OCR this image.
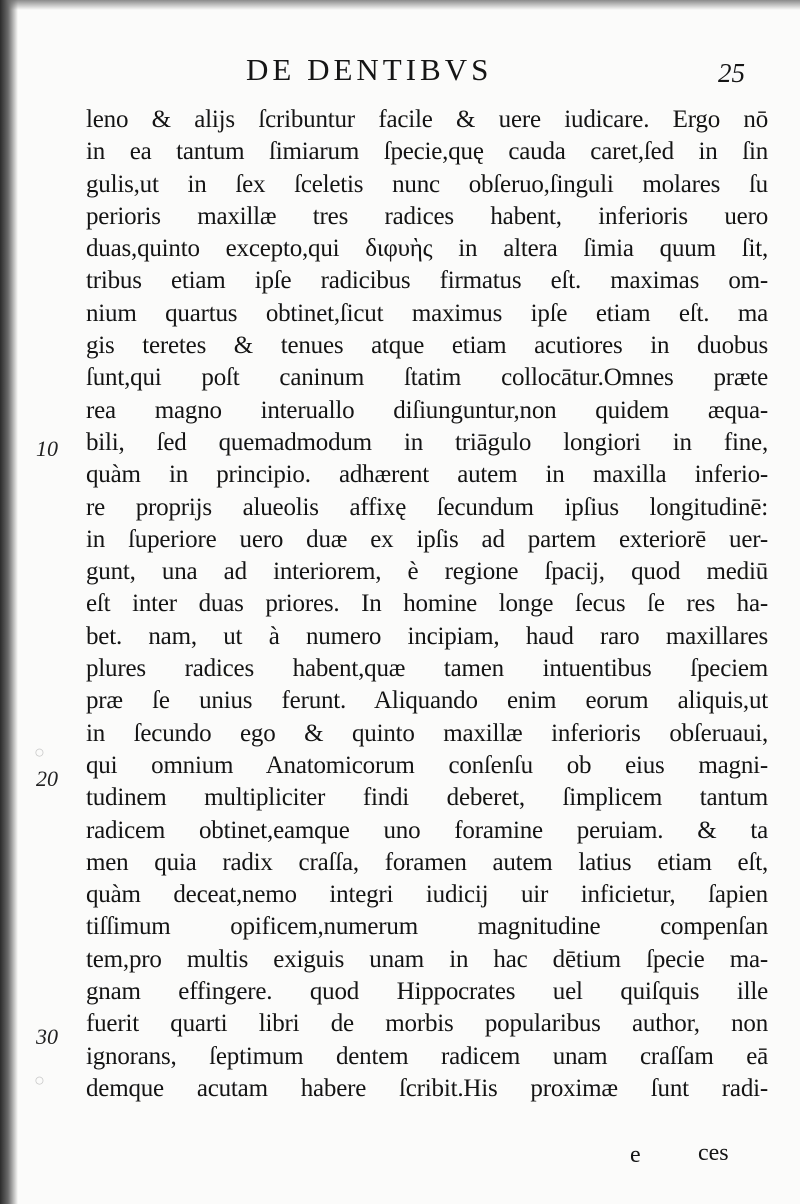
DE DENTIBVS	25
10
20
30
○
○
leno & alijs ſcribuntur facile & uere iudicare. Ergo nō
in ea tantum ſimiarum ſpecie,quę cauda caret,ſed in ſin
gulis,ut in ſex ſceletis nunc obſeruo,ſinguli molares ſu
perioris maxillæ tres radices habent, inferioris uero
duas,quinto excepto,qui διφυὴς in altera ſimia quum ſit,
tribus etiam ipſe radicibus firmatus eſt. maximas om-
nium quartus obtinet,ſicut maximus ipſe etiam eſt. ma
gis teretes & tenues atque etiam acutiores in duobus
ſunt,qui poſt caninum ſtatim collocātur.Omnes præte
rea magno interuallo diſiunguntur,non quidem æqua-
bili, ſed quemadmodum in triāgulo longiori in fine,
quàm in principio. adhærent autem in maxilla inferio-
re proprijs alueolis affixę ſecundum ipſius longitudinē:
in ſuperiore uero duæ ex ipſis ad partem exteriorē uer-
gunt, una ad interiorem, è regione ſpacij, quod mediū
eſt inter duas priores. In homine longe ſecus ſe res ha-
bet. nam, ut à numero incipiam, haud raro maxillares
plures radices habent,quæ tamen intuentibus ſpeciem
præ ſe unius ferunt. Aliquando enim eorum aliquis,ut
in ſecundo ego & quinto maxillæ inferioris obſeruaui,
qui omnium Anatomicorum conſenſu ob eius magni-
tudinem multipliciter findi deberet, ſimplicem tantum
radicem obtinet,eamque uno foramine peruiam. & ta
men quia radix craſſa, foramen autem latius etiam eſt,
quàm deceat,nemo integri iudicij uir inficietur, ſapien
tiſſimum opificem,numerum magnitudine compenſan
tem,pro multis exiguis unam in hac dētium ſpecie ma-
gnam effingere. quod Hippocrates uel quiſquis ille
fuerit quarti libri de morbis popularibus author, non
ignorans, ſeptimum dentem radicem unam craſſam eā
demque acutam habere ſcribit.His proximæ ſunt radi-
e ces
